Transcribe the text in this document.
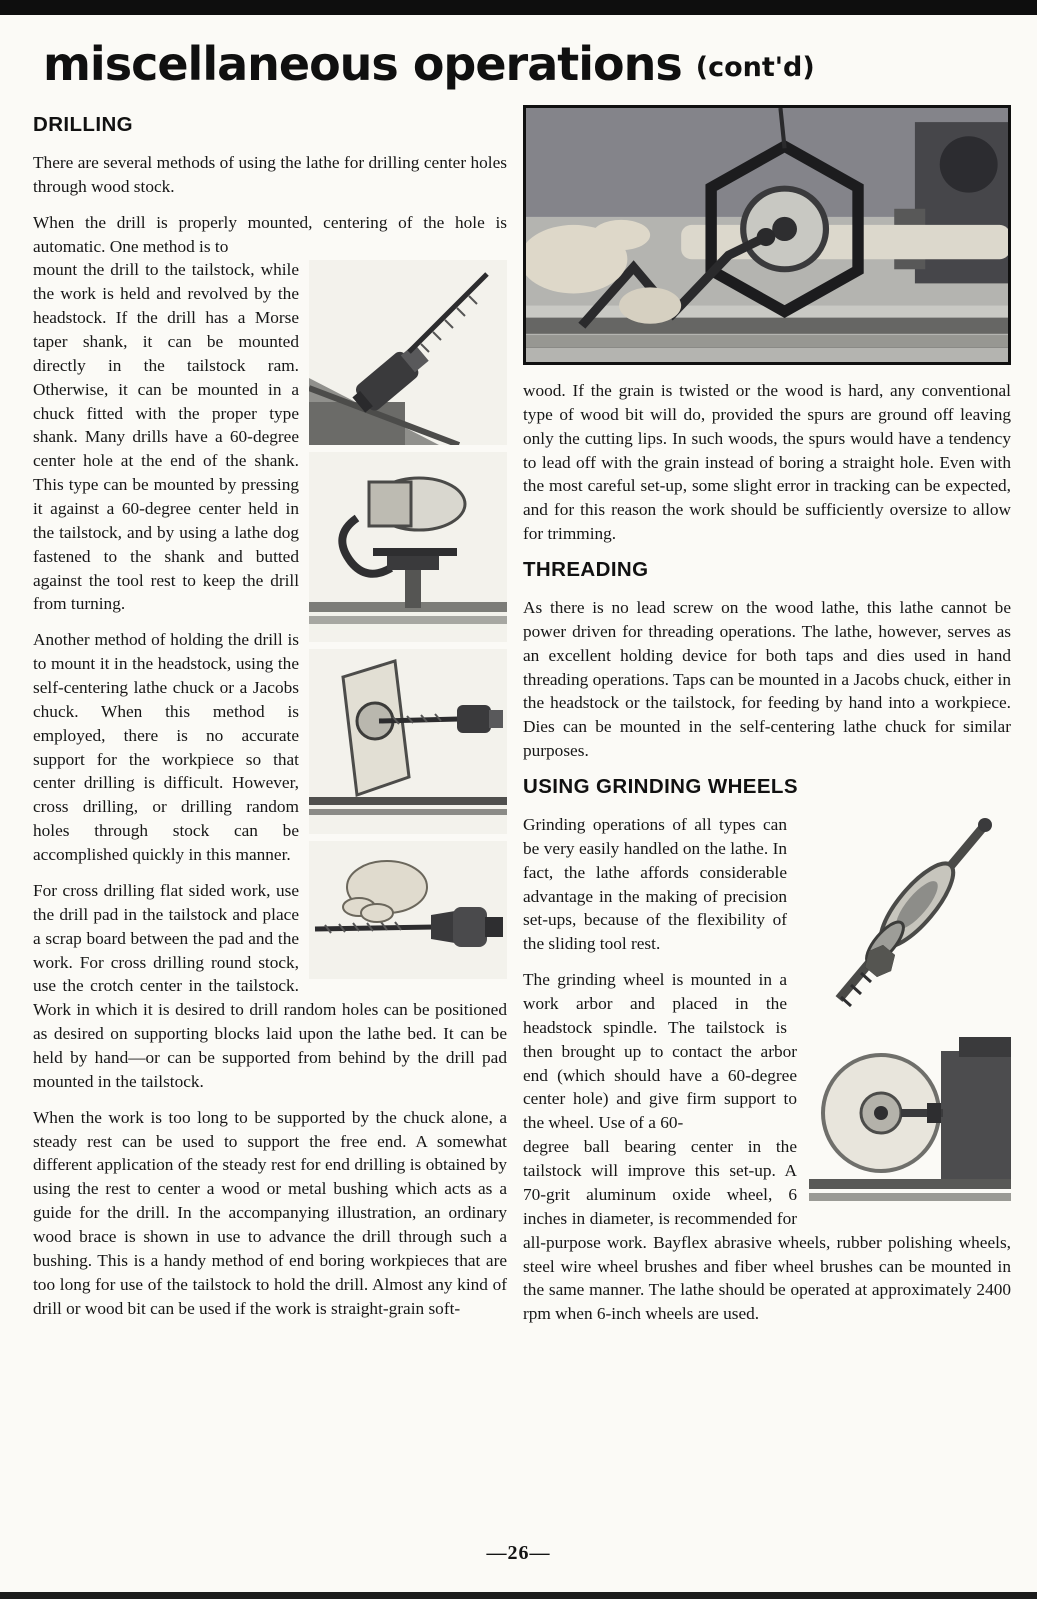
miscellaneous operations (cont'd)
DRILLING

There are several methods of using the lathe for drilling center holes through wood stock.

When the drill is properly mounted, centering of the hole is automatic. One method is to

mount the drill to the tailstock, while the work is held and revolved by the headstock. If the drill has a Morse taper shank, it can be mounted directly in the tailstock ram. Otherwise, it can be mounted in a chuck fitted with the proper type shank. Many drills have a 60-degree center hole at the end of the shank. This type can be mounted by pressing it against a 60-degree center held in the tailstock, and by using a lathe dog fastened to the shank and butted against the tool rest to keep the drill from turning.

Another method of holding the drill is to mount it in the headstock, using the self-centering lathe chuck or a Jacobs chuck. When this method is employed, there is no accurate support for the workpiece so that center drilling is difficult. However, cross drilling, or drilling random holes through stock can be accomplished quickly in this manner.

For cross drilling flat sided work, use the drill pad in the tailstock and place a scrap board between the pad and the work. For cross drilling round stock, use the crotch center in the tailstock. Work in which it is desired to drill random holes can be positioned as desired on supporting blocks laid upon the lathe bed. It can be held by hand—or can be supported from behind by the drill pad mounted in the tailstock.

When the work is too long to be supported by the chuck alone, a steady rest can be used to support the free end. A somewhat different application of the steady rest for end drilling is obtained by using the rest to center a wood or metal bushing which acts as a guide for the drill. In the accompanying illustration, an ordinary wood brace is shown in use to advance the drill through such a bushing. This is a handy method of end boring workpieces that are too long for use of the tailstock to hold the drill. Almost any kind of drill or wood bit can be used if the work is straight-grain soft-

wood. If the grain is twisted or the wood is hard, any conventional type of wood bit will do, provided the spurs are ground off leaving only the cutting lips. In such woods, the spurs would have a tendency to lead off with the grain instead of boring a straight hole. Even with the most careful set-up, some slight error in tracking can be expected, and for this reason the work should be sufficiently oversize to allow for trimming.

THREADING

As there is no lead screw on the wood lathe, this lathe cannot be power driven for threading operations. The lathe, however, serves as an excellent holding device for both taps and dies used in hand threading operations. Taps can be mounted in a Jacobs chuck, either in the headstock or the tailstock, for feeding by hand into a workpiece. Dies can be mounted in the self-centering lathe chuck for similar purposes.

USING GRINDING WHEELS

Grinding operations of all types can be very easily handled on the lathe. In fact, the lathe affords considerable advantage in the making of precision set-ups, because of the flexibility of the sliding tool rest.

The grinding wheel is mounted in a work arbor and placed in the headstock spindle. The tailstock is then brought up to contact the arbor end (which should have a 60-degree center hole) and give firm support to the wheel. Use of a 60-

degree ball bearing center in the tailstock will improve this set-up. A 70-grit aluminum oxide wheel, 6 inches in diameter, is recommended for all-purpose work. Bayflex abrasive wheels, rubber polishing wheels, steel wire wheel brushes and fiber wheel brushes can be mounted in the same manner. The lathe should be operated at approximately 2400 rpm when 6-inch wheels are used.

—26—
